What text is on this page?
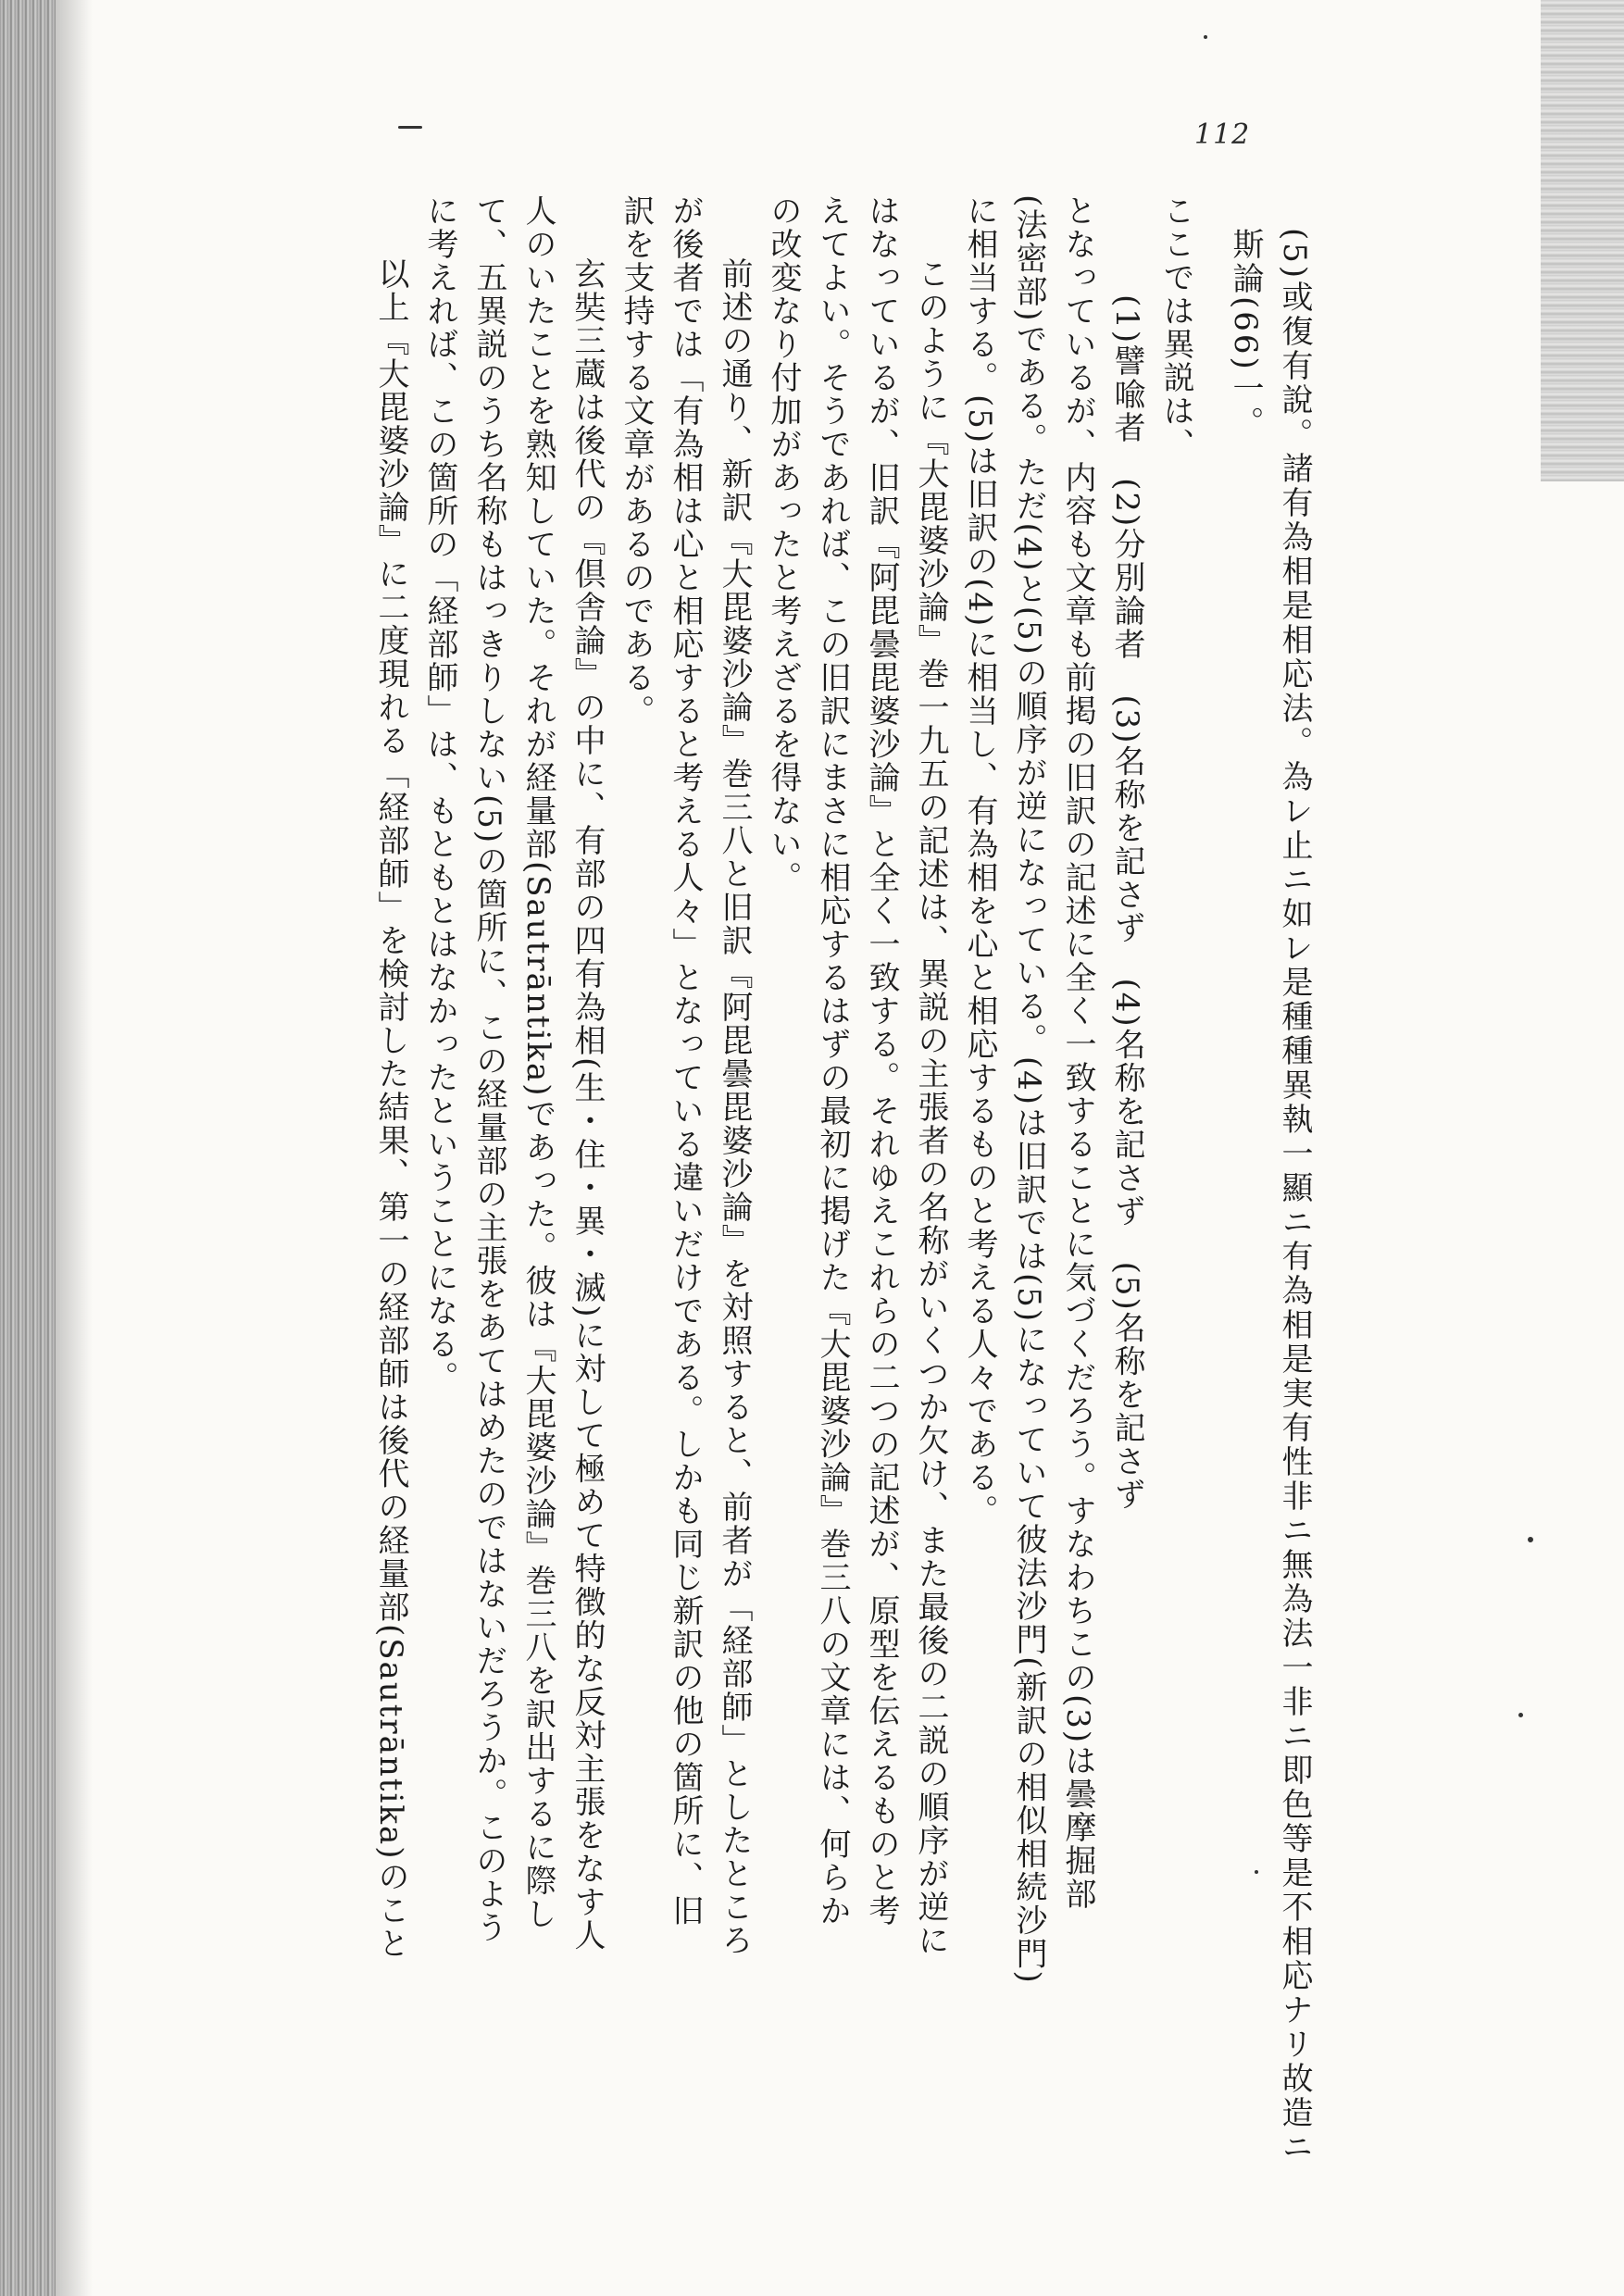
112
(5)或復有說。諸有為相是相応法。為レ止ニ如レ是種種異執一顯ニ有為相是実有性非ニ無為法一非ニ即色等是不相応ナリ故造ニ
斯論(66)一。
ここでは異説は、
(1)譬喩者　(2)分別論者　(3)名称を記さず　(4)名称を記さず　(5)名称を記さず
となっているが、内容も文章も前掲の旧訳の記述に全く一致することに気づくだろう。すなわちこの(3)は曇摩掘部
(法密部)である。ただ(4)と(5)の順序が逆になっている。(4)は旧訳では(5)になっていて彼法沙門(新訳の相似相続沙門)
に相当する。(5)は旧訳の(4)に相当し、有為相を心と相応するものと考える人々である。
このように『大毘婆沙論』巻一九五の記述は、異説の主張者の名称がいくつか欠け、また最後の二説の順序が逆に
はなっているが、旧訳『阿毘曇毘婆沙論』と全く一致する。それゆえこれらの二つの記述が、原型を伝えるものと考
えてよい。そうであれば、この旧訳にまさに相応するはずの最初に掲げた『大毘婆沙論』巻三八の文章には、何らか
の改変なり付加があったと考えざるを得ない。
前述の通り、新訳『大毘婆沙論』巻三八と旧訳『阿毘曇毘婆沙論』を対照すると、前者が「経部師」としたところ
が後者では「有為相は心と相応すると考える人々」となっている違いだけである。しかも同じ新訳の他の箇所に、旧
訳を支持する文章があるのである。
玄奘三蔵は後代の『倶舎論』の中に、有部の四有為相(生・住・異・滅)に対して極めて特徴的な反対主張をなす人
人のいたことを熟知していた。それが経量部(Sautrāntika)であった。彼は『大毘婆沙論』巻三八を訳出するに際し
て、五異説のうち名称もはっきりしない(5)の箇所に、この経量部の主張をあてはめたのではないだろうか。このよう
に考えれば、この箇所の「経部師」は、もともとはなかったということになる。
以上『大毘婆沙論』に二度現れる「経部師」を検討した結果、第一の経部師は後代の経量部(Sautrāntika)のこと
